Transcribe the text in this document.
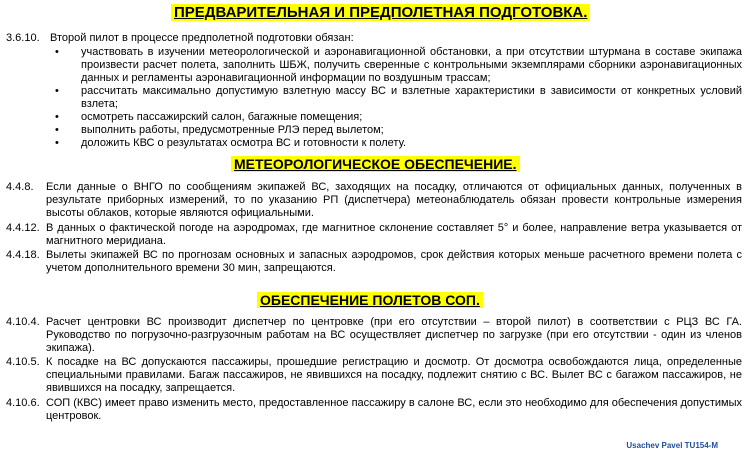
ПРЕДВАРИТЕЛЬНАЯ И ПРЕДПОЛЕТНАЯ ПОДГОТОВКА.
3.6.10. Второй пилот в процессе предполетной подготовки обязан:
• участвовать в изучении метеорологической и аэронавигационной обстановки, а при отсутствии штурмана в составе экипажа произвести расчет полета, заполнить ШБЖ, получить сверенные с контрольными экземплярами сборники аэронавигационных данных и регламенты аэронавигационной информации по воздушным трассам;
• рассчитать максимально допустимую взлетную массу ВС и взлетные характеристики в зависимости от конкретных условий взлета;
• осмотреть пассажирский салон, багажные помещения;
• выполнить работы, предусмотренные РЛЭ перед вылетом;
• доложить КВС о результатах осмотра ВС и готовности к полету.
МЕТЕОРОЛОГИЧЕСКОЕ ОБЕСПЕЧЕНИЕ.
4.4.8.	Если данные о ВНГО по сообщениям экипажей ВС, заходящих на посадку, отличаются от официальных данных, полученных в результате приборных измерений, то по указанию РП (диспетчера) метеонаблюдатель обязан провести контрольные измерения высоты облаков, которые являются официальными.
4.4.12. В данных о фактической погоде на аэродромах, где магнитное склонение составляет 5° и более, направление ветра указывается от магнитного меридиана.
4.4.18. Вылеты экипажей ВС по прогнозам основных и запасных аэродромов, срок действия которых меньше расчетного времени полета с учетом дополнительного времени 30 мин, запрещаются.
ОБЕСПЕЧЕНИЕ ПОЛЕТОВ СОП.
4.10.4. Расчет центровки ВС производит диспетчер по центровке (при его отсутствии – второй пилот) в соответствии с РЦЗ ВС ГА. Руководство по погрузочно-разгрузочным работам на ВС осуществляет диспетчер по загрузке (при его отсутствии - один из членов экипажа).
4.10.5. К посадке на ВС допускаются пассажиры, прошедшие регистрацию и досмотр. От досмотра освобождаются лица, определенные специальными правилами. Багаж пассажиров, не явившихся на посадку, подлежит снятию с ВС. Вылет ВС с багажом пассажиров, не явившихся на посадку, запрещается.
4.10.6. СОП (КВС) имеет право изменить место, предоставленное пассажиру в салоне ВС, если это необходимо для обеспечения допустимых центровок.
Usachev Pavel TU154-M
